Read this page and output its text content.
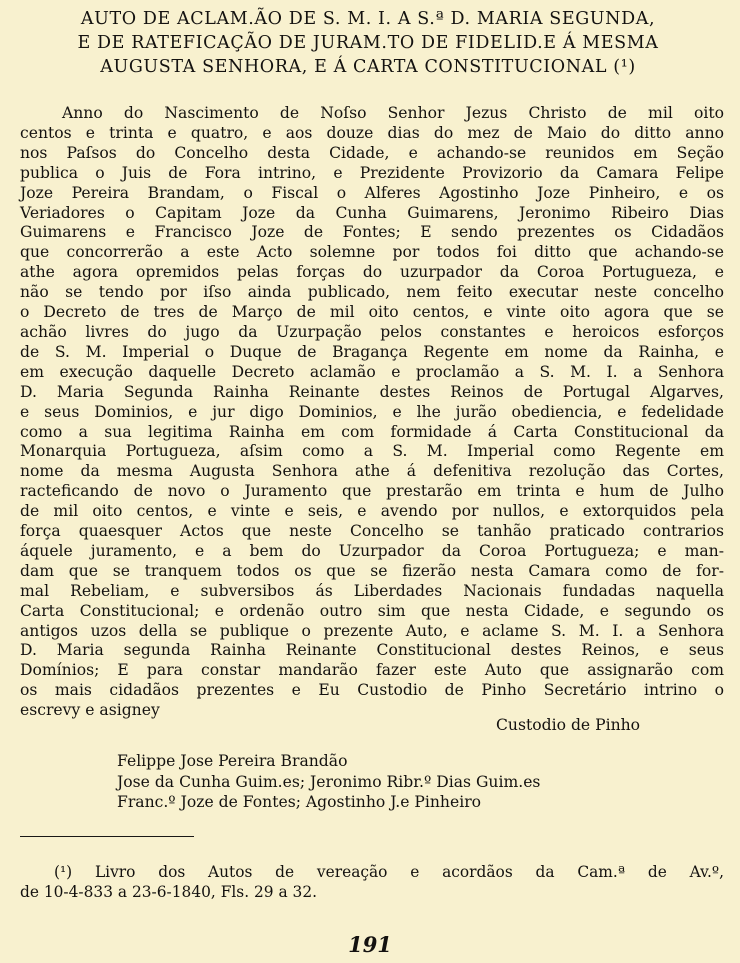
AUTO DE ACLAM.ÃO DE S. M. I. A S.ª D. MARIA SEGUNDA,
E DE RATEFICAÇÃO DE JURAM.TO DE FIDELID.E Á MESMA
AUGUSTA SENHORA, E Á CARTA CONSTITUCIONAL (¹)
Anno do Nascimento de Noſso Senhor Jezus Christo de mil oito
centos e trinta e quatro, e aos douze dias do mez de Maio do ditto anno
nos Paſsos do Concelho desta Cidade, e achando-se reunidos em Seção
publica o Juis de Fora intrino, e Prezidente Provizorio da Camara Felipe
Joze Pereira Brandam, o Fiscal o Alferes Agostinho Joze Pinheiro, e os
Veriadores o Capitam Joze da Cunha Guimarens, Jeronimo Ribeiro Dias
Guimarens e Francisco Joze de Fontes; E sendo prezentes os Cidadãos
que concorrerão a este Acto solemne por todos foi ditto que achando-se
athe agora opremidos pelas forças do uzurpador da Coroa Portugueza, e
não se tendo por iſso ainda publicado, nem feito executar neste concelho
o Decreto de tres de Março de mil oito centos, e vinte oito agora que se
achão livres do jugo da Uzurpação pelos constantes e heroicos esforços
de S. M. Imperial o Duque de Bragança Regente em nome da Rainha, e
em execução daquelle Decreto aclamão e proclamão a S. M. I. a Senhora
D. Maria Segunda Rainha Reinante destes Reinos de Portugal Algarves,
e seus Dominios, e jur digo Dominios, e lhe jurão obediencia, e fedelidade
como a sua legitima Rainha em com formidade á Carta Constitucional da
Monarquia Portugueza, aſsim como a S. M. Imperial como Regente em
nome da mesma Augusta Senhora athe á defenitiva rezolução das Cortes,
racteficando de novo o Juramento que prestarão em trinta e hum de Julho
de mil oito centos, e vinte e seis, e avendo por nullos, e extorquidos pela
força quaesquer Actos que neste Concelho se tanhão praticado contrarios
áquele juramento, e a bem do Uzurpador da Coroa Portugueza; e man-
dam que se tranquem todos os que se fizerão nesta Camara como de for-
mal Rebeliam, e subversibos ás Liberdades Nacionais fundadas naquella
Carta Constitucional; e ordenão outro sim que nesta Cidade, e segundo os
antigos uzos della se publique o prezente Auto, e aclame S. M. I. a Senhora
D. Maria segunda Rainha Reinante Constitucional destes Reinos, e seus
Domínios; E para constar mandarão fazer este Auto que assignarão com
os mais cidadãos prezentes e Eu Custodio de Pinho Secretário intrino o
escrevy e asigney
Custodio de Pinho
Felippe Jose Pereira Brandão
Jose da Cunha Guim.es; Jeronimo Ribr.º Dias Guim.es
Franc.º Joze de Fontes; Agostinho J.e Pinheiro
(¹) Livro dos Autos de vereação e acordãos da Cam.ª de Av.º,
de 10-4-833 a 23-6-1840, Fls. 29 a 32.
191
